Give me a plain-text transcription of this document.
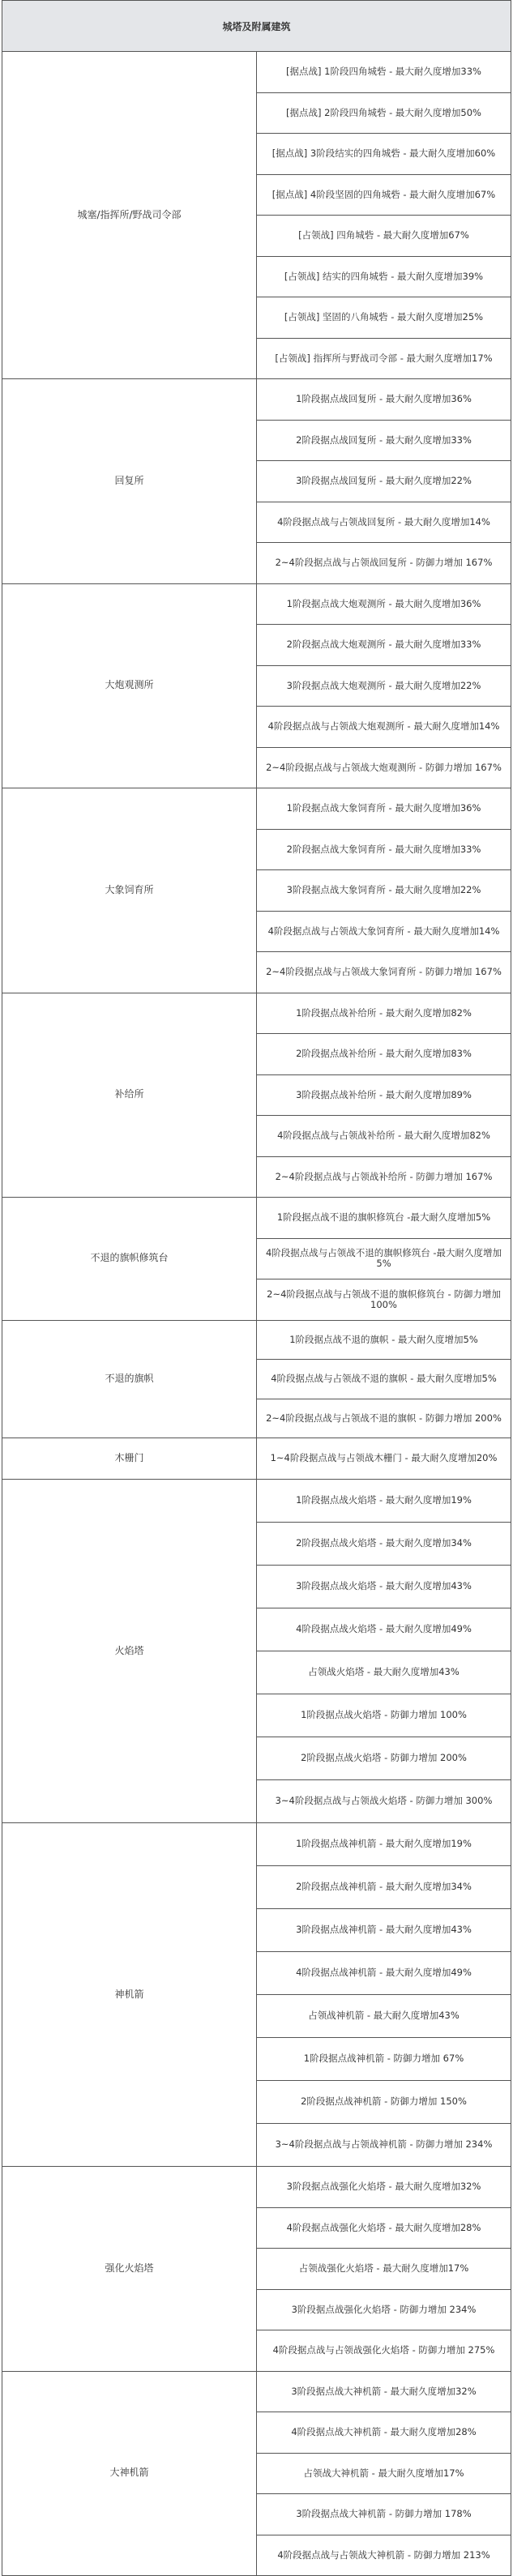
城塔及附属建筑	
城塞/指挥所/野战司令部	[据点战] 1阶段四角城砦 - 最大耐久度增加33%
	[据点战] 2阶段四角城砦 - 最大耐久度增加50%
	[据点战] 3阶段结实的四角城砦 - 最大耐久度增加60%
	[据点战] 4阶段坚固的四角城砦 - 最大耐久度增加67%
	[占领战] 四角城砦 - 最大耐久度增加67%
	[占领战] 结实的四角城砦 - 最大耐久度增加39%
	[占领战] 坚固的八角城砦 - 最大耐久度增加25%
	[占领战] 指挥所与野战司令部 - 最大耐久度增加17%
回复所	1阶段据点战回复所 - 最大耐久度增加36%
	2阶段据点战回复所 - 最大耐久度增加33%
	3阶段据点战回复所 - 最大耐久度增加22%
	4阶段据点战与占领战回复所 - 最大耐久度增加14%
	2~4阶段据点战与占领战回复所 - 防御力增加 167%
大炮观测所	1阶段据点战大炮观测所 - 最大耐久度增加36%
	2阶段据点战大炮观测所 - 最大耐久度增加33%
	3阶段据点战大炮观测所 - 最大耐久度增加22%
	4阶段据点战与占领战大炮观测所 - 最大耐久度增加14%
	2~4阶段据点战与占领战大炮观测所 - 防御力增加 167%
大象饲育所	1阶段据点战大象饲育所 - 最大耐久度增加36%
	2阶段据点战大象饲育所 - 最大耐久度增加33%
	3阶段据点战大象饲育所 - 最大耐久度增加22%
	4阶段据点战与占领战大象饲育所 - 最大耐久度增加14%
	2~4阶段据点战与占领战大象饲育所 - 防御力增加 167%
补给所	1阶段据点战补给所 - 最大耐久度增加82%
	2阶段据点战补给所 - 最大耐久度增加83%
	3阶段据点战补给所 - 最大耐久度增加89%
	4阶段据点战与占领战补给所 - 最大耐久度增加82%
	2~4阶段据点战与占领战补给所 - 防御力增加 167%
不退的旗帜修筑台	1阶段据点战不退的旗帜修筑台 -最大耐久度增加5%
	4阶段据点战与占领战不退的旗帜修筑台 -最大耐久度增加5%
	2~4阶段据点战与占领战不退的旗帜修筑台 - 防御力增加 100%
不退的旗帜	1阶段据点战不退的旗帜 - 最大耐久度增加5%
	4阶段据点战与占领战不退的旗帜 - 最大耐久度增加5%
	2~4阶段据点战与占领战不退的旗帜 - 防御力增加 200%
木栅门	1~4阶段据点战与占领战木栅门 - 最大耐久度增加20%
火焰塔	1阶段据点战火焰塔 - 最大耐久度增加19%
	2阶段据点战火焰塔 - 最大耐久度增加34%
	3阶段据点战火焰塔 - 最大耐久度增加43%
	4阶段据点战火焰塔 - 最大耐久度增加49%
	占领战火焰塔 - 最大耐久度增加43%
	1阶段据点战火焰塔 - 防御力增加 100%
	2阶段据点战火焰塔 - 防御力增加 200%
	3~4阶段据点战与占领战火焰塔 - 防御力增加 300%
神机箭	1阶段据点战神机箭 - 最大耐久度增加19%
	2阶段据点战神机箭 - 最大耐久度增加34%
	3阶段据点战神机箭 - 最大耐久度增加43%
	4阶段据点战神机箭 - 最大耐久度增加49%
	占领战神机箭 - 最大耐久度增加43%
	1阶段据点战神机箭 - 防御力增加 67%
	2阶段据点战神机箭 - 防御力增加 150%
	3~4阶段据点战与占领战神机箭 - 防御力增加 234%
强化火焰塔	3阶段据点战强化火焰塔 - 最大耐久度增加32%
	4阶段据点战强化火焰塔 - 最大耐久度增加28%
	占领战强化火焰塔 - 最大耐久度增加17%
	3阶段据点战强化火焰塔 - 防御力增加 234%
	4阶段据点战与占领战强化火焰塔 - 防御力增加 275%
大神机箭	3阶段据点战大神机箭 - 最大耐久度增加32%
	4阶段据点战大神机箭 - 最大耐久度增加28%
	占领战大神机箭 - 最大耐久度增加17%
	3阶段据点战大神机箭 - 防御力增加 178%
	4阶段据点战与占领战大神机箭 - 防御力增加 213%
